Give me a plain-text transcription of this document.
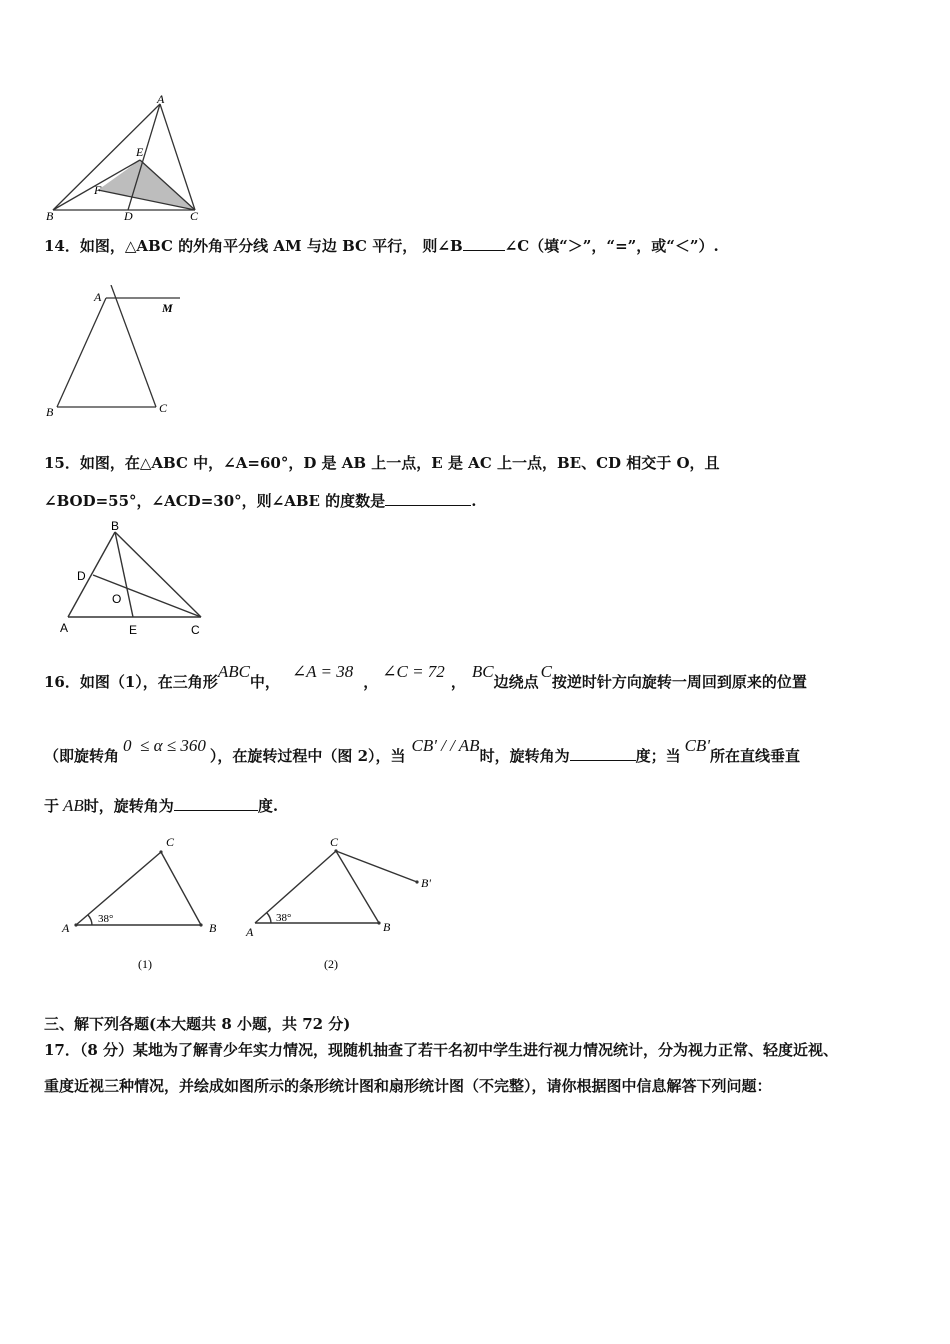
A
E
F
B	D	C
14．如图，△ABC 的外角平分线 AM 与边 BC 平行， 则∠B	∠C（填“＞”，“=”，或“＜”）.
A
M
B	C
15．如图，在△ABC 中，∠A=60°，D 是 AB 上一点，E 是 AC 上一点，BE、CD 相交于 O，且
∠BOD=55°，∠ACD=30°，则∠ABE 的度数是	.
B
D
O
A	E	C
16．如图（1），在三角形ABC中，∠A = 38，∠C = 72，BC边绕点C按逆时针方向旋转一周回到原来的位置
（即旋转角0  ≤ α ≤ 360），在旋转过程中（图 2），当CB' / / AB时，旋转角为	度；当CB'所在直线垂直
于 AB时，旋转角为	度.
C
A	B
38°
(1)
C
B'
A	B
38°
(2)
三、解下列各题(本大题共 8 小题，共 72 分)
17．（8 分）某地为了解青少年实力情况，现随机抽查了若干名初中学生进行视力情况统计，分为视力正常、轻度近视、
重度近视三种情况，并绘成如图所示的条形统计图和扇形统计图（不完整），请你根据图中信息解答下列问题：
